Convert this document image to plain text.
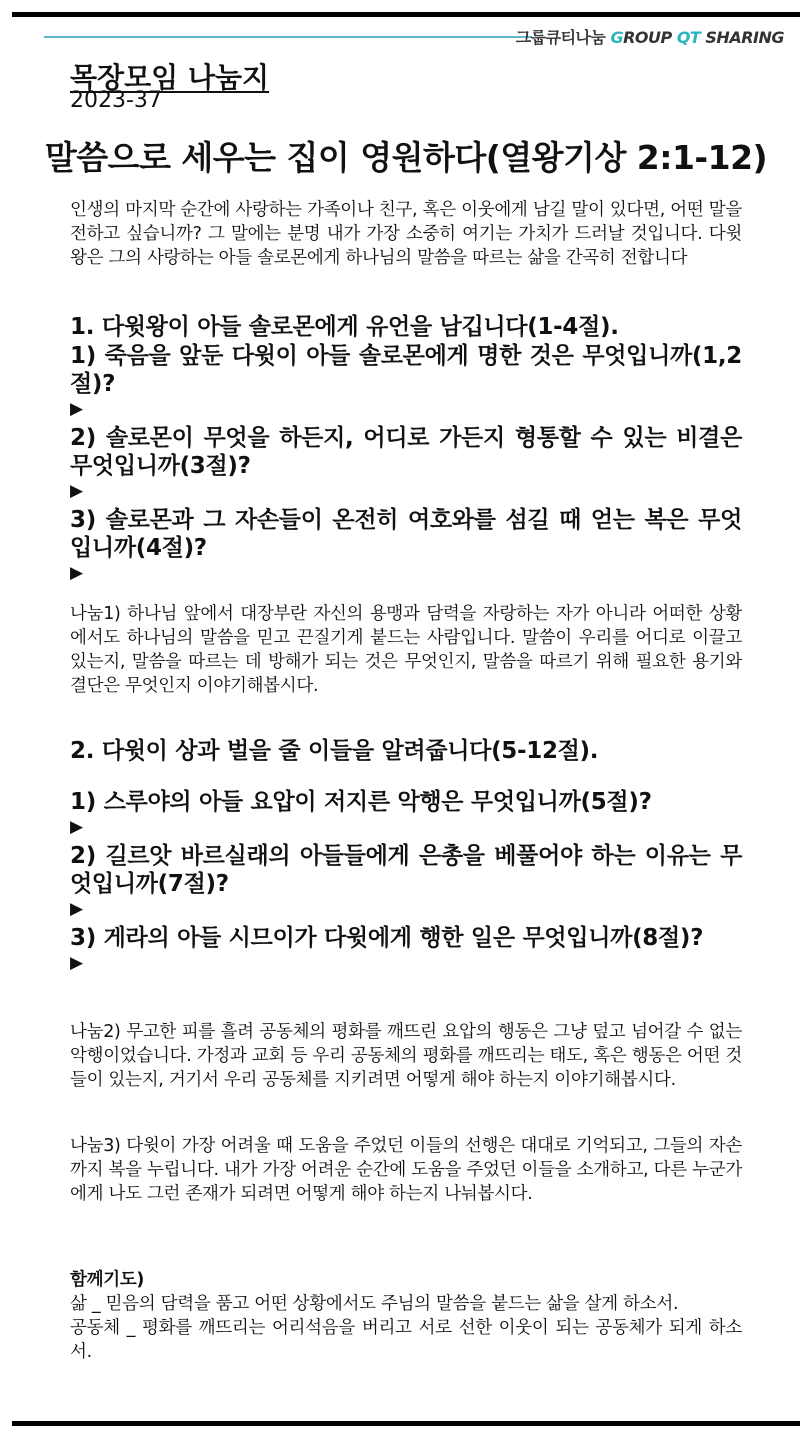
그룹큐티나눔 GROUP QT SHARING
목장모임 나눔지
2023-37
말씀으로 세우는 집이 영원하다(열왕기상 2:1-12)

인생의 마지막 순간에 사랑하는 가족이나 친구, 혹은 이웃에게 남길 말이 있다면, 어떤 말을 전하고 싶습니까? 그 말에는 분명 내가 가장 소중히 여기는 가치가 드러날 것입니다. 다윗왕은 그의 사랑하는 아들 솔로몬에게 하나님의 말씀을 따르는 삶을 간곡히 전합니다

1. 다윗왕이 아들 솔로몬에게 유언을 남깁니다(1-4절).

1) 죽음을 앞둔 다윗이 아들 솔로몬에게 명한 것은 무엇입니까(1,2절)?

▶

2) 솔로몬이 무엇을 하든지, 어디로 가든지 형통할 수 있는 비결은 무엇입니까(3절)?

▶

3) 솔로몬과 그 자손들이 온전히 여호와를 섬길 때 얻는 복은 무엇입니까(4절)?

▶

나눔1) 하나님 앞에서 대장부란 자신의 용맹과 담력을 자랑하는 자가 아니라 어떠한 상황에서도 하나님의 말씀을 믿고 끈질기게 붙드는 사람입니다. 말씀이 우리를 어디로 이끌고 있는지, 말씀을 따르는 데 방해가 되는 것은 무엇인지, 말씀을 따르기 위해 필요한 용기와 결단은 무엇인지 이야기해봅시다.

2. 다윗이 상과 벌을 줄 이들을 알려줍니다(5-12절).

1) 스루야의 아들 요압이 저지른 악행은 무엇입니까(5절)?

▶

2) 길르앗 바르실래의 아들들에게 은총을 베풀어야 하는 이유는 무엇입니까(7절)?

▶

3) 게라의 아들 시므이가 다윗에게 행한 일은 무엇입니까(8절)?

▶

나눔2) 무고한 피를 흘려 공동체의 평화를 깨뜨린 요압의 행동은 그냥 덮고 넘어갈 수 없는 악행이었습니다. 가정과 교회 등 우리 공동체의 평화를 깨뜨리는 태도, 혹은 행동은 어떤 것들이 있는지, 거기서 우리 공동체를 지키려면 어떻게 해야 하는지 이야기해봅시다.

나눔3) 다윗이 가장 어려울 때 도움을 주었던 이들의 선행은 대대로 기억되고, 그들의 자손까지 복을 누립니다. 내가 가장 어려운 순간에 도움을 주었던 이들을 소개하고, 다른 누군가에게 나도 그런 존재가 되려면 어떻게 해야 하는지 나눠봅시다.

함께기도)

삶 _ 믿음의 담력을 품고 어떤 상황에서도 주님의 말씀을 붙드는 삶을 살게 하소서.

공동체 _ 평화를 깨뜨리는 어리석음을 버리고 서로 선한 이웃이 되는 공동체가 되게 하소서.
